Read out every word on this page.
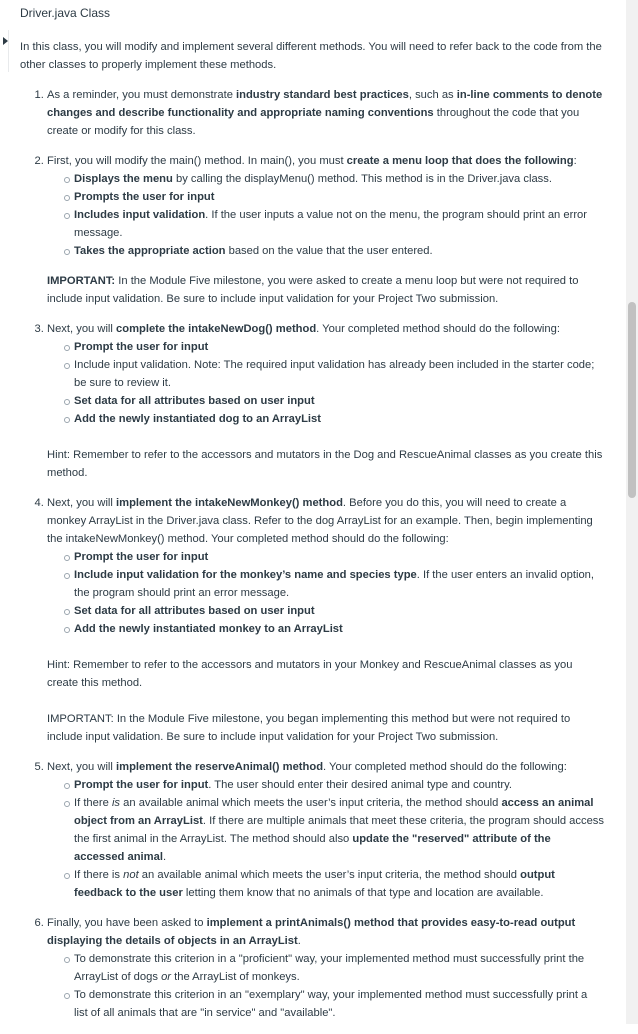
Driver.java Class

In this class, you will modify and implement several different methods. You will need to refer back to the code from the other classes to properly implement these methods.

1. As a reminder, you must demonstrate industry standard best practices, such as in-line comments to denote changes and describe functionality and appropriate naming conventions throughout the code that you create or modify for this class.
2. First, you will modify the main() method. In main(), you must create a menu loop that does the following:
Displays the menu by calling the displayMenu() method. This method is in the Driver.java class.
Prompts the user for input
Includes input validation. If the user inputs a value not on the menu, the program should print an error message.
Takes the appropriate action based on the value that the user entered.

IMPORTANT: In the Module Five milestone, you were asked to create a menu loop but were not required to include input validation. Be sure to include input validation for your Project Two submission.

3. Next, you will complete the intakeNewDog() method. Your completed method should do the following:
Prompt the user for input
Include input validation. Note: The required input validation has already been included in the starter code; be sure to review it.
Set data for all attributes based on user input
Add the newly instantiated dog to an ArrayList

Hint: Remember to refer to the accessors and mutators in the Dog and RescueAnimal classes as you create this method.

4. Next, you will implement the intakeNewMonkey() method. Before you do this, you will need to create a monkey ArrayList in the Driver.java class. Refer to the dog ArrayList for an example. Then, begin implementing the intakeNewMonkey() method. Your completed method should do the following:
Prompt the user for input
Include input validation for the monkey’s name and species type. If the user enters an invalid option, the program should print an error message.
Set data for all attributes based on user input
Add the newly instantiated monkey to an ArrayList

Hint: Remember to refer to the accessors and mutators in your Monkey and RescueAnimal classes as you create this method.

IMPORTANT: In the Module Five milestone, you began implementing this method but were not required to include input validation. Be sure to include input validation for your Project Two submission.

5. Next, you will implement the reserveAnimal() method. Your completed method should do the following:
Prompt the user for input. The user should enter their desired animal type and country.
If there is an available animal which meets the user’s input criteria, the method should access an animal object from an ArrayList. If there are multiple animals that meet these criteria, the program should access the first animal in the ArrayList. The method should also update the "reserved" attribute of the accessed animal.
If there is not an available animal which meets the user’s input criteria, the method should output feedback to the user letting them know that no animals of that type and location are available.
6. Finally, you have been asked to implement a printAnimals() method that provides easy-to-read output displaying the details of objects in an ArrayList.
To demonstrate this criterion in a "proficient" way, your implemented method must successfully print the ArrayList of dogs or the ArrayList of monkeys.
To demonstrate this criterion in an "exemplary" way, your implemented method must successfully print a list of all animals that are "in service" and "available".
